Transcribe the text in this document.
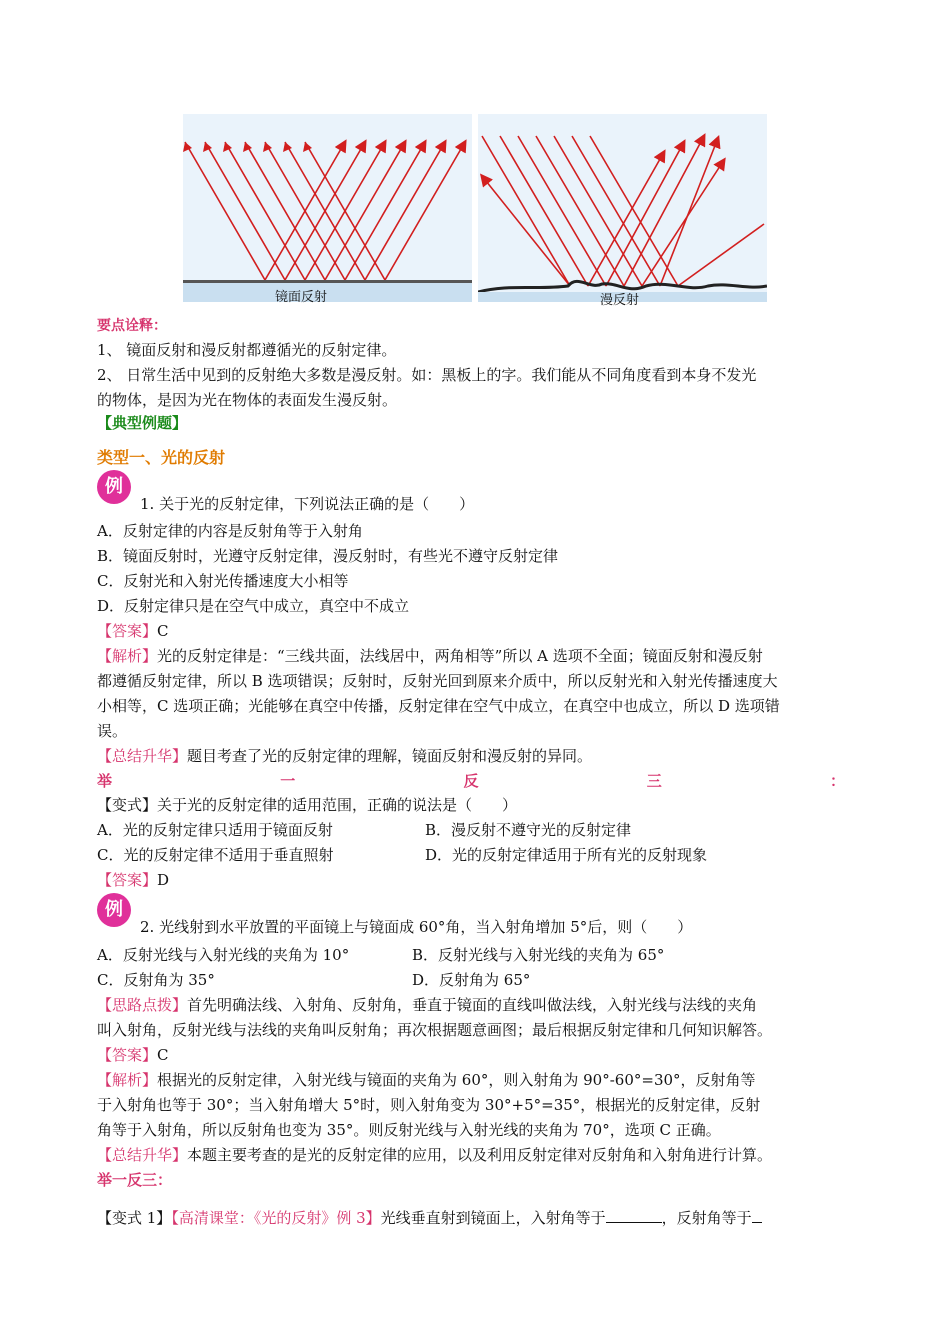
镜面反射	漫反射
要点诠释：
1、 镜面反射和漫反射都遵循光的反射定律。
2、 日常生活中见到的反射绝大多数是漫反射。如：黑板上的字。我们能从不同角度看到本身不发光
的物体，是因为光在物体的表面发生漫反射。
【典型例题】
类型一、光的反射
例
1. 关于光的反射定律，下列说法正确的是（　　）
A．反射定律的内容是反射角等于入射角
B．镜面反射时，光遵守反射定律，漫反射时，有些光不遵守反射定律
C．反射光和入射光传播速度大小相等
D．反射定律只是在空气中成立，真空中不成立
【答案】C
【解析】光的反射定律是：“三线共面，法线居中，两角相等”所以 A 选项不全面；镜面反射和漫反射
都遵循反射定律，所以 B 选项错误；反射时，反射光回到原来介质中，所以反射光和入射光传播速度大
小相等，C 选项正确；光能够在真空中传播，反射定律在空气中成立，在真空中也成立，所以 D 选项错
误。
【总结升华】题目考查了光的反射定律的理解，镜面反射和漫反射的异同。
举	一	反	三	：
【变式】关于光的反射定律的适用范围，正确的说法是（　　）
A．光的反射定律只适用于镜面反射	B．漫反射不遵守光的反射定律
C．光的反射定律不适用于垂直照射	D．光的反射定律适用于所有光的反射现象
【答案】D
例
2. 光线射到水平放置的平面镜上与镜面成 60°角，当入射角增加 5°后，则（　　）
A．反射光线与入射光线的夹角为 10°	B．反射光线与入射光线的夹角为 65°
C．反射角为 35°	D．反射角为 65°
【思路点拨】首先明确法线、入射角、反射角，垂直于镜面的直线叫做法线，入射光线与法线的夹角
叫入射角，反射光线与法线的夹角叫反射角；再次根据题意画图；最后根据反射定律和几何知识解答。
【答案】C
【解析】根据光的反射定律，入射光线与镜面的夹角为 60°，则入射角为 90°-60°=30°，反射角等
于入射角也等于 30°；当入射角增大 5°时，则入射角变为 30°+5°=35°，根据光的反射定律，反射
角等于入射角，所以反射角也变为 35°。则反射光线与入射光线的夹角为 70°，选项 C 正确。
【总结升华】本题主要考查的是光的反射定律的应用，以及利用反射定律对反射角和入射角进行计算。
举一反三：
【变式 1】【高清课堂：《光的反射》例 3】光线垂直射到镜面上，入射角等于	，反射角等于
